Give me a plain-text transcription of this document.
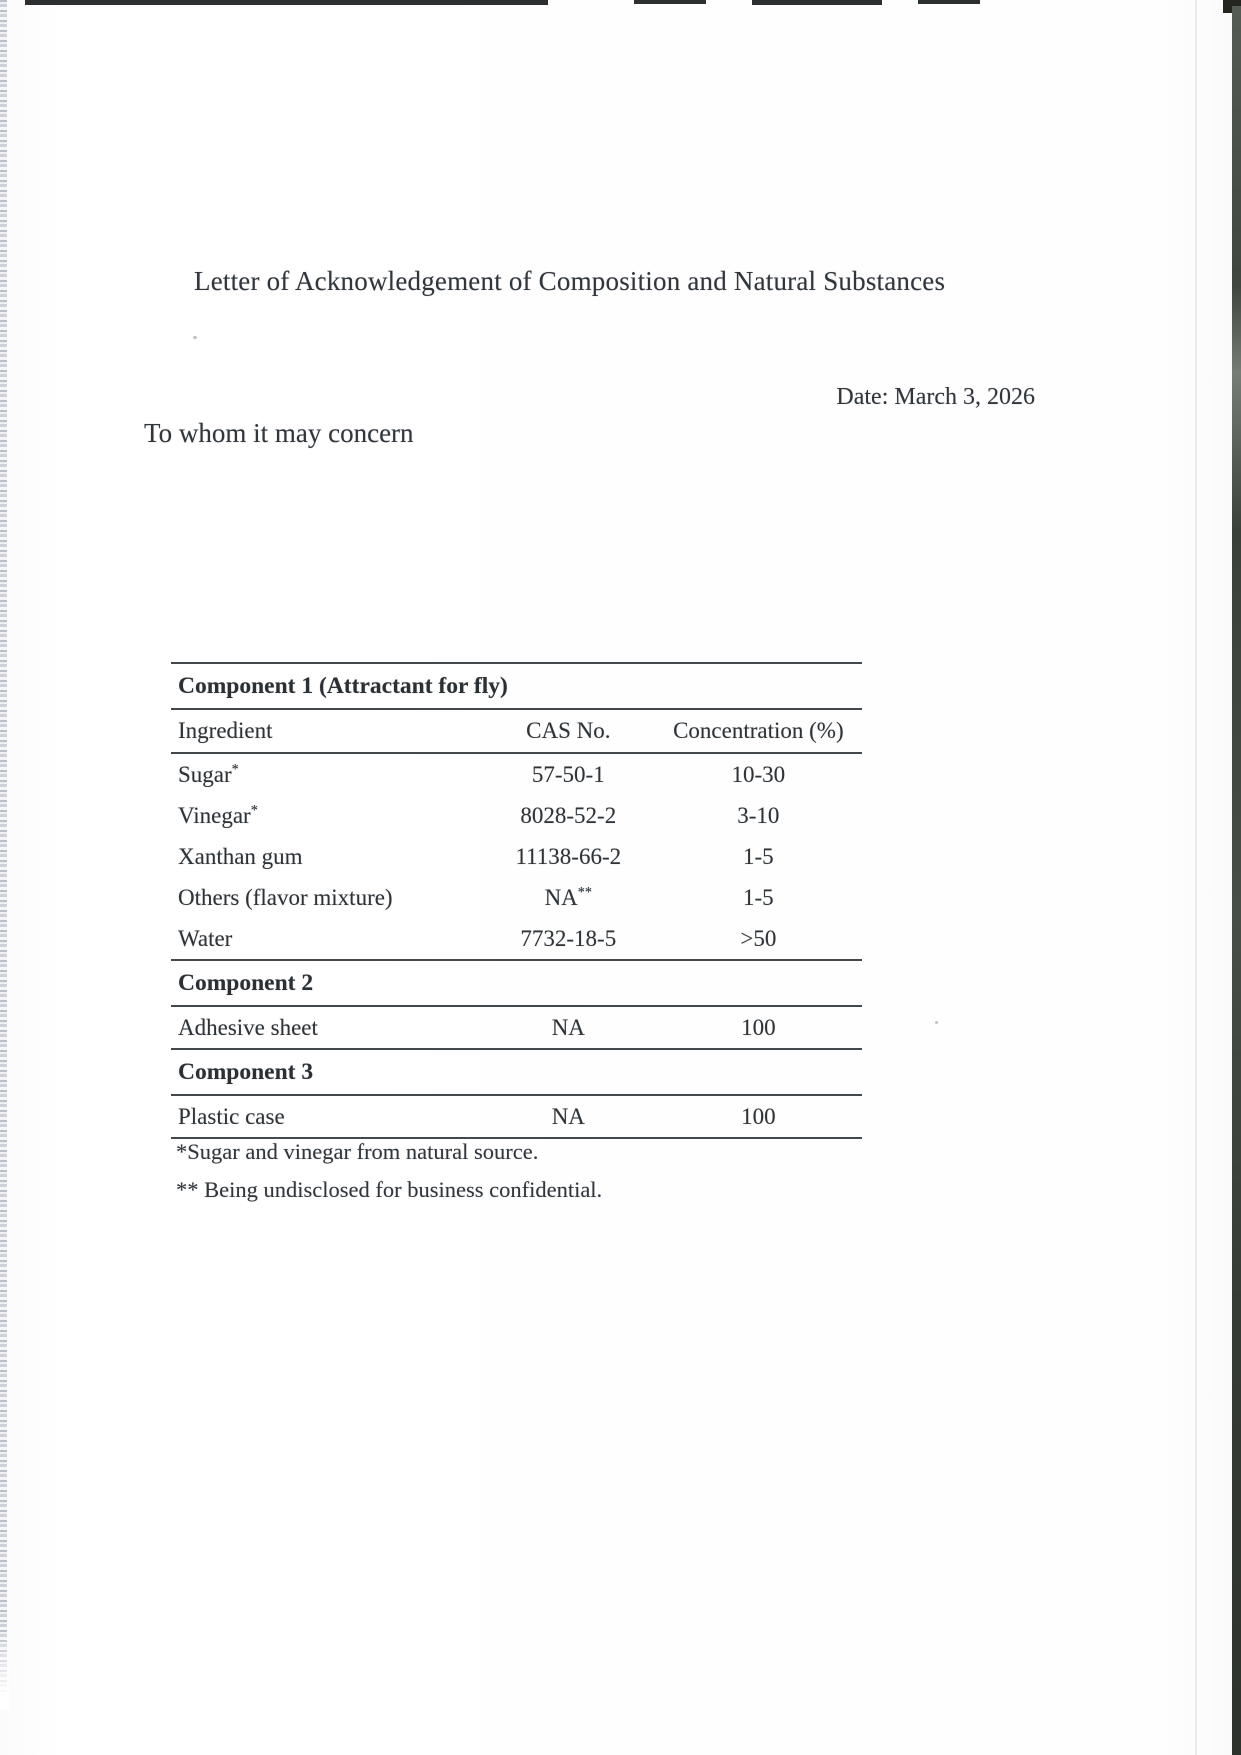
Letter of Acknowledgement of Composition and Natural Substances
Date: March 3, 2026
To whom it may concern
Component 1 (Attractant for fly)		
Ingredient	CAS No.	Concentration (%)
Sugar*	57-50-1	10-30
Vinegar*	8028-52-2	3-10
Xanthan gum	11138-66-2	1-5
Others (flavor mixture)	NA**	1-5
Water	7732-18-5	>50
Component 2		
Adhesive sheet	NA	100
Component 3		
Plastic case	NA	100
*Sugar and vinegar from natural source.
** Being undisclosed for business confidential.
